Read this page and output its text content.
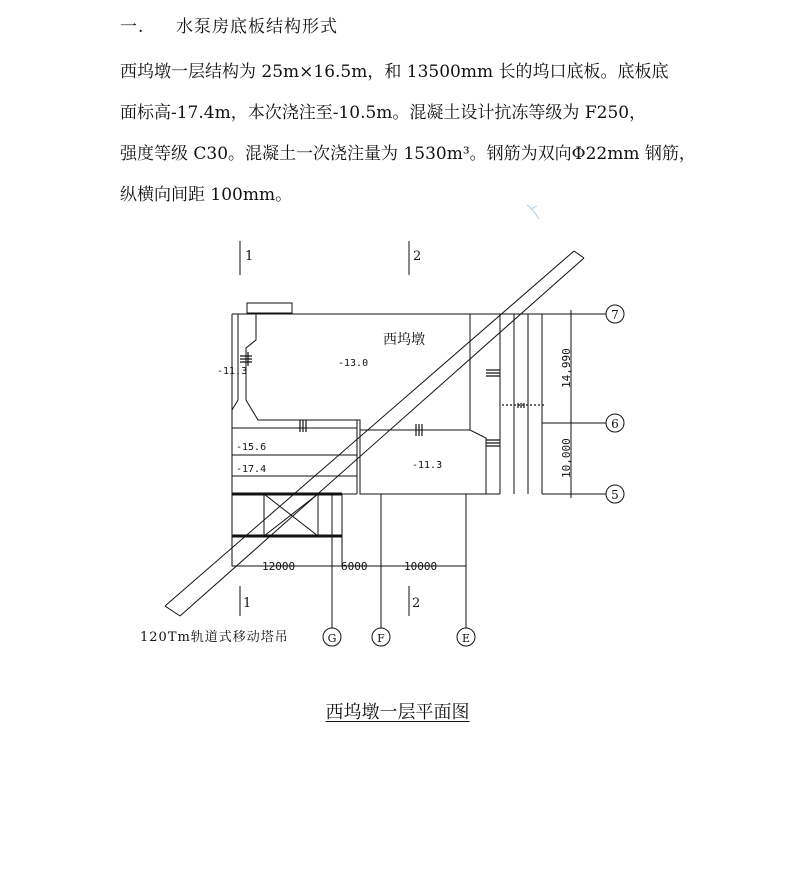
一. 水泵房底板结构形式

西坞墩一层结构为 25m×16.5m，和 13500mm 长的坞口底板。底板底

面标高-17.4m，本次浇注至-10.5m。混凝土设计抗冻等级为 F250，

强度等级 C30。混凝土一次浇注量为 1530m³。钢筋为双向Φ22mm 钢筋，

纵横向间距 100mm。

1	2
1	2
7
6
5
G	F	E
西坞墩
-11.3
-13.0
-15.6
-17.4	-11.3
14,990
10,000
12000	6000	10000
120Tm轨道式移动塔吊
西坞墩一层平面图
